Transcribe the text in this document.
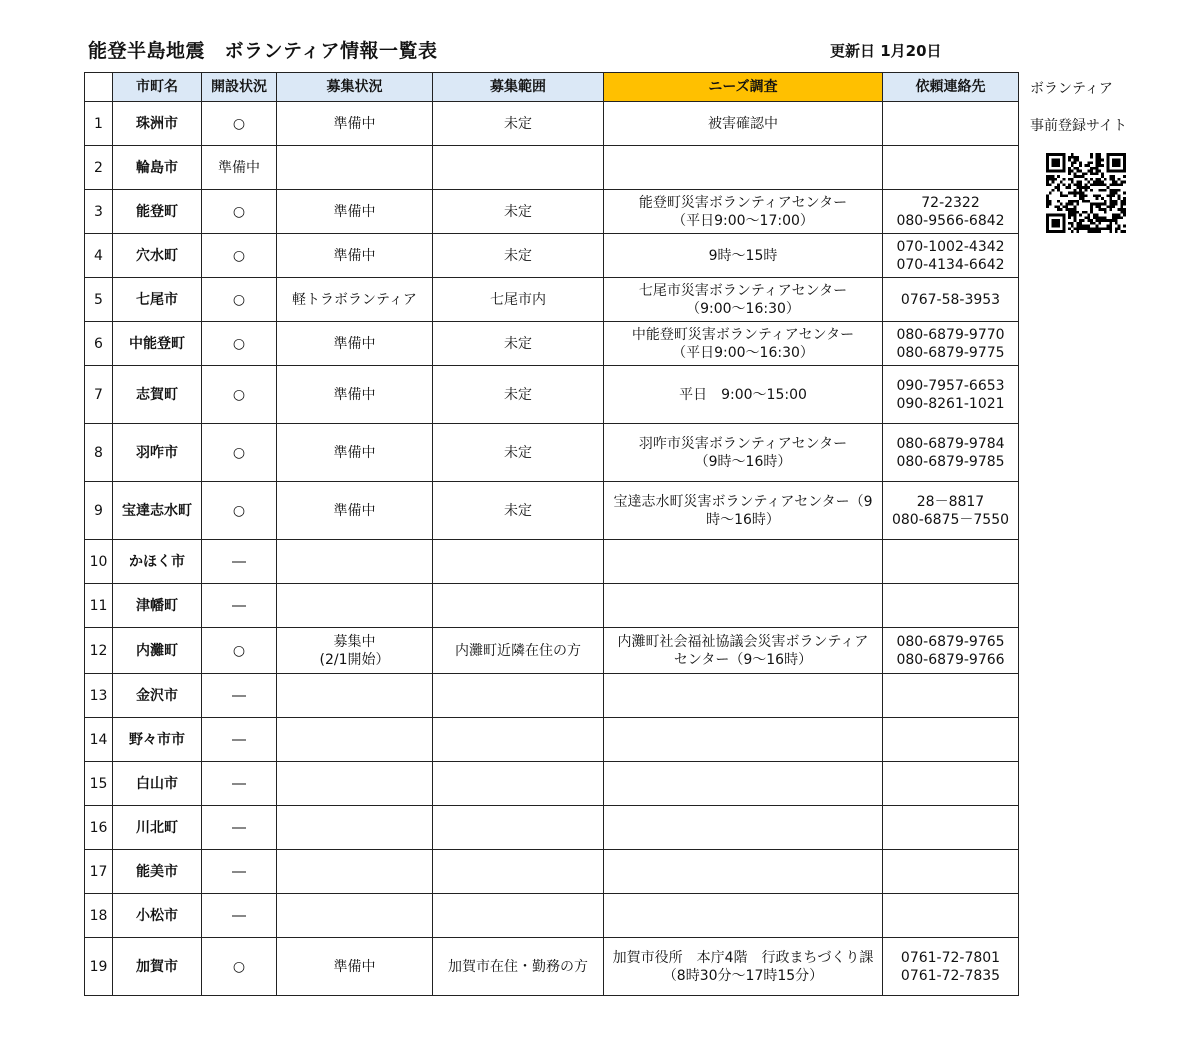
能登半島地震　ボランティア情報一覧表	更新日 1月20日
ボランティア
事前登録サイト
	市町名	開設状況	募集状況	募集範囲	ニーズ調査	依頼連絡先
1	珠洲市	○	準備中	未定	被害確認中	

2	輪島市	準備中				
3	能登町	○	準備中	未定	能登町災害ボランティアセンター
（平日9:00～17:00）	72-2322
080-9566-6842

4	穴水町	○	準備中	未定	9時～15時	070-1002-4342
070-4134-6642

5	七尾市	○	軽トラボランティア	七尾市内	七尾市災害ボランティアセンター
（9:00～16:30）	0767-58-3953

6	中能登町	○	準備中	未定	中能登町災害ボランティアセンター
（平日9:00～16:30）	080-6879-9770
080-6879-9775

7	志賀町	○	準備中	未定	平日　9:00～15:00	090-7957-6653
090-8261-1021

8	羽咋市	○	準備中	未定	羽咋市災害ボランティアセンター
（9時～16時）	080-6879-9784
080-6879-9785

9	宝達志水町	○	準備中	未定	宝達志水町災害ボランティアセンター（9
時～16時）	28－8817
080-6875－7550

10	かほく市	―				
11	津幡町	―				
12	内灘町	○	募集中
(2/1開始）	内灘町近隣在住の方	内灘町社会福祉協議会災害ボランティア
センター（9～16時）	080-6879-9765
080-6879-9766

13	金沢市	―				
14	野々市市	―				
15	白山市	―				
16	川北町	―				
17	能美市	―				
18	小松市	―				
19	加賀市	○	準備中	加賀市在住・勤務の方	加賀市役所　本庁4階　行政まちづくり課
（8時30分～17時15分）	0761-72-7801
0761-72-7835
